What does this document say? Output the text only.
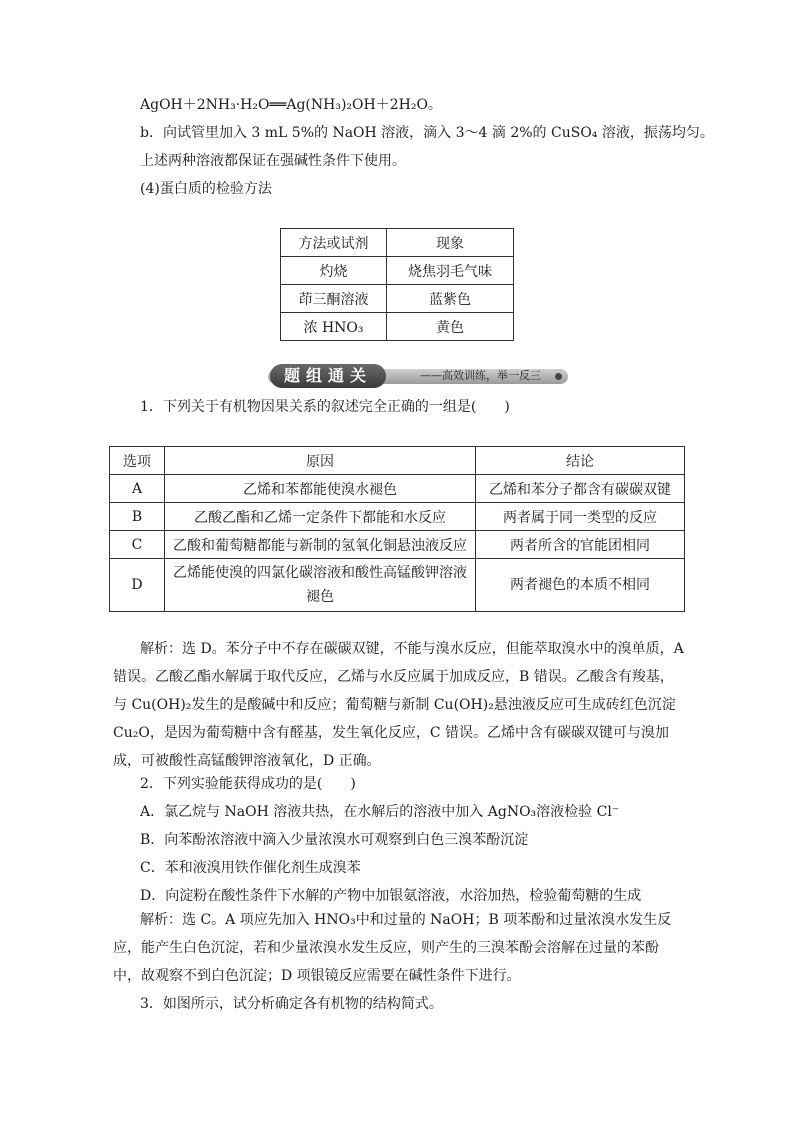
AgOH＋2NH₃·H₂O══Ag(NH₃)₂OH＋2H₂O。
b．向试管里加入 3 mL 5%的 NaOH 溶液，滴入 3～4 滴 2%的 CuSO₄ 溶液，振荡均匀。
上述两种溶液都保证在强碱性条件下使用。
(4)蛋白质的检验方法
方法或试剂	现象
灼烧	烧焦羽毛气味
茚三酮溶液	蓝紫色
浓 HNO₃	黄色
题组通关	——高效训练，举一反三
1．下列关于有机物因果关系的叙述完全正确的一组是(　　)
选项	原因	结论
A	乙烯和苯都能使溴水褪色	乙烯和苯分子都含有碳碳双键
B	乙酸乙酯和乙烯一定条件下都能和水反应	两者属于同一类型的反应
C	乙酸和葡萄糖都能与新制的氢氧化铜悬浊液反应	两者所含的官能团相同
D	乙烯能使溴的四氯化碳溶液和酸性高锰酸钾溶液褪色	两者褪色的本质不相同
解析：选 D。苯分子中不存在碳碳双键，不能与溴水反应，但能萃取溴水中的溴单质，A 错误。乙酸乙酯水解属于取代反应，乙烯与水反应属于加成反应，B 错误。乙酸含有羧基，与 Cu(OH)₂发生的是酸碱中和反应；葡萄糖与新制 Cu(OH)₂悬浊液反应可生成砖红色沉淀 Cu₂O，是因为葡萄糖中含有醛基，发生氧化反应，C 错误。乙烯中含有碳碳双键可与溴加成，可被酸性高锰酸钾溶液氧化，D 正确。
2．下列实验能获得成功的是(　　)
A．氯乙烷与 NaOH 溶液共热，在水解后的溶液中加入 AgNO₃溶液检验 Cl⁻
B．向苯酚浓溶液中滴入少量浓溴水可观察到白色三溴苯酚沉淀
C．苯和液溴用铁作催化剂生成溴苯
D．向淀粉在酸性条件下水解的产物中加银氨溶液，水浴加热，检验葡萄糖的生成
解析：选 C。A 项应先加入 HNO₃中和过量的 NaOH；B 项苯酚和过量浓溴水发生反应，能产生白色沉淀，若和少量浓溴水发生反应，则产生的三溴苯酚会溶解在过量的苯酚中，故观察不到白色沉淀；D 项银镜反应需要在碱性条件下进行。
3．如图所示，试分析确定各有机物的结构简式。
